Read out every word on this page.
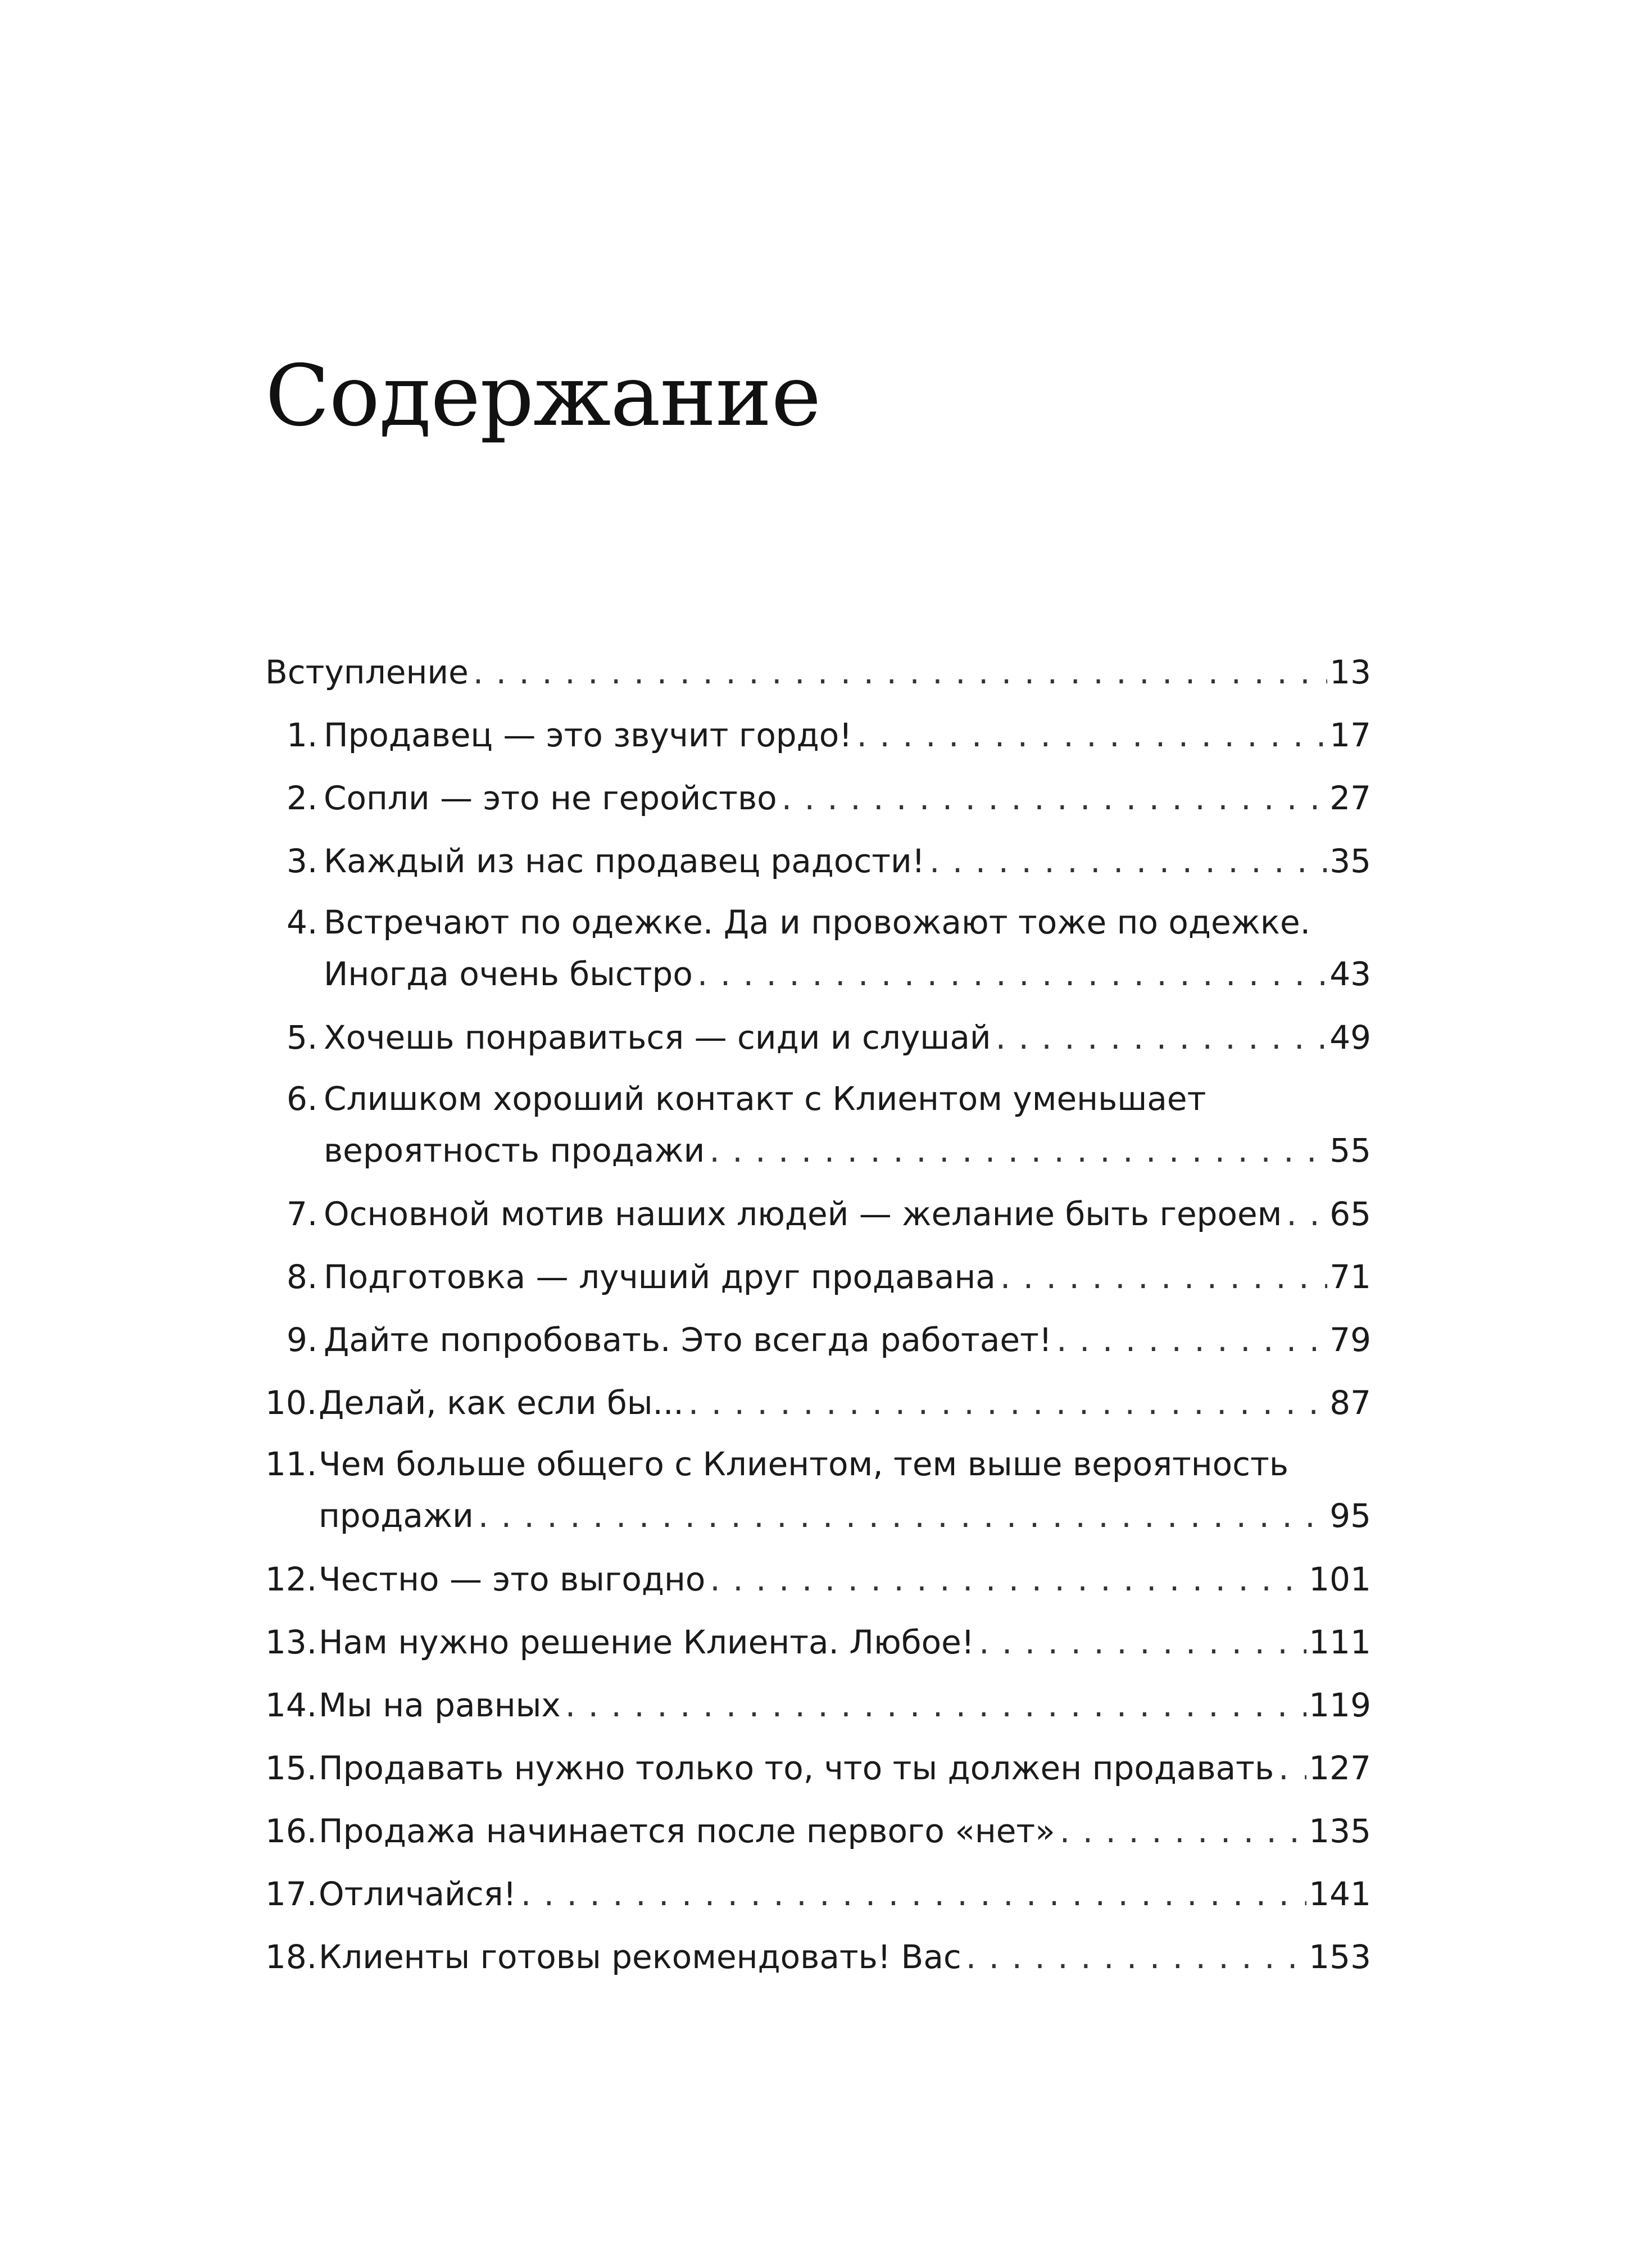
Содержание
Вступление . . .	13
1. Продавец — это звучит гордо! . . .	17
2. Сопли — это не геройство . . .	27
3. Каждый из нас продавец радости! . . .	35
4. Встречают по одежке. Да и провожают тоже по одежке.
Иногда очень быстро . . .	43
5. Хочешь понравиться — сиди и слушай . . .	49
6. Слишком хороший контакт с Клиентом уменьшает
вероятность продажи . . .	55
7. Основной мотив наших людей — желание быть героем . . . 65
8. Подготовка — лучший друг продавана . . .	71
9. Дайте попробовать. Это всегда работает! . . .	79
10. Делай, как если бы... . . .	87
11. Чем больше общего с Клиентом, тем выше вероятность
продажи . . .	95
12. Честно — это выгодно . . .	101
13. Нам нужно решение Клиента. Любое! . . .	111
14. Мы на равных . . .	119
15. Продавать нужно только то, что ты должен продавать . . . 127
16. Продажа начинается после первого «нет» . . .	135
17. Отличайся! . . .	141
18. Клиенты готовы рекомендовать! Вас . . .	153
